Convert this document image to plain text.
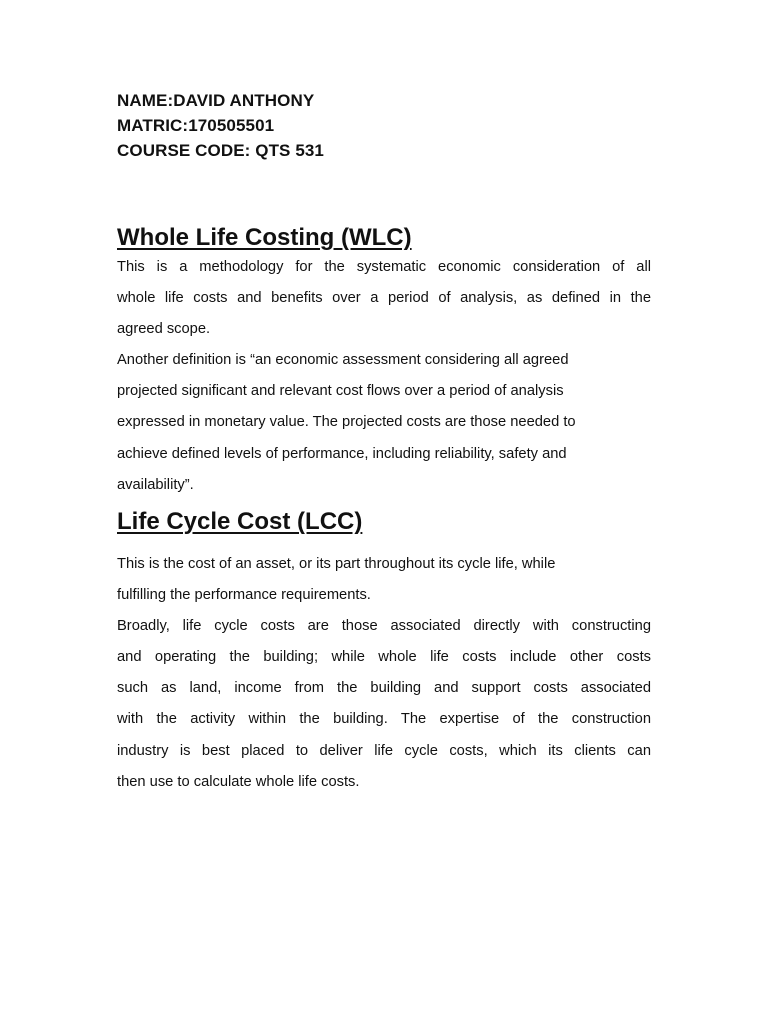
NAME:DAVID ANTHONY
MATRIC:170505501
COURSE CODE: QTS 531
Whole Life Costing (WLC)
This is a methodology for the systematic economic consideration of all
whole life costs and benefits over a period of analysis, as defined in the
agreed scope.
Another definition is “an economic assessment considering all agreed
projected significant and relevant cost flows over a period of analysis
expressed in monetary value. The projected costs are those needed to
achieve defined levels of performance, including reliability, safety and
availability”.
Life Cycle Cost (LCC)
This is the cost of an asset, or its part throughout its cycle life, while
fulfilling the performance requirements.
Broadly, life cycle costs are those associated directly with constructing
and operating the building; while whole life costs include other costs
such as land, income from the building and support costs associated
with the activity within the building. The expertise of the construction
industry is best placed to deliver life cycle costs, which its clients can
then use to calculate whole life costs.
